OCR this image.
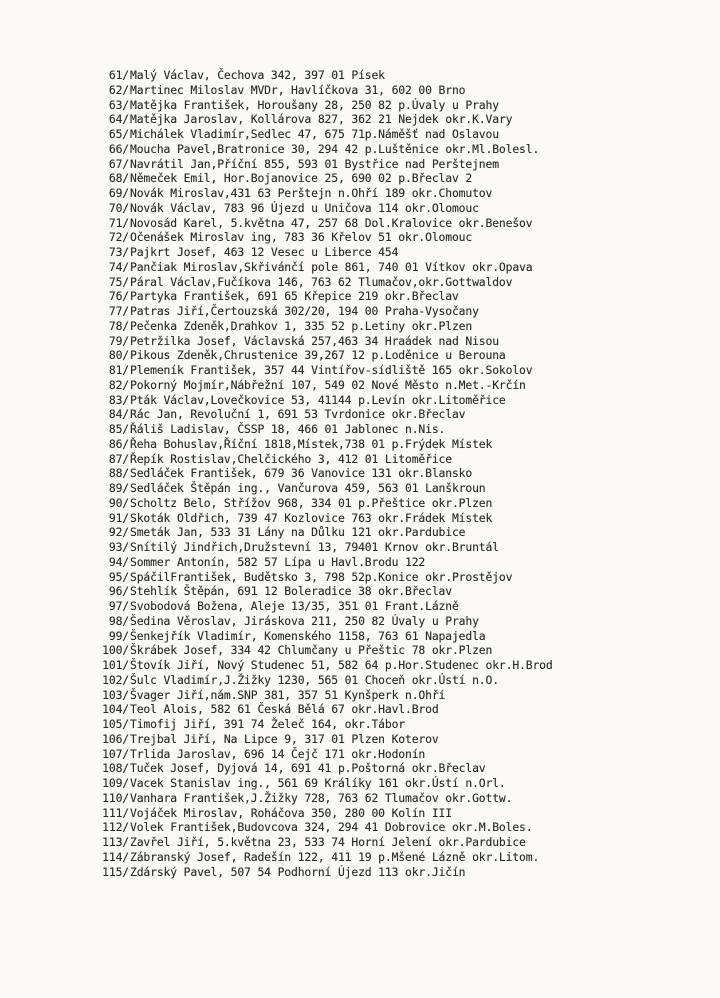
61/ Malý Václav, Čechova 342, 397 01 Písek
62/ Martinec Miloslav MVDr, Havlíčkova 31, 602 00 Brno
63/ Matějka František, Horoušany 28, 250 82 p.Úvaly u Prahy
64/ Matějka Jaroslav, Kollárova 827, 362 21 Nejdek okr.K.Vary
65/ Michálek Vladimír,Sedlec 47, 675 71p.Náměšť nad Oslavou
66/ Moucha Pavel,Bratronice 30, 294 42 p.Luštěnice okr.Ml.Bolesl.
67/ Navrátil Jan,Příční 855, 593 01 Bystřice nad Perštejnem
68/ Němeček Emil, Hor.Bojanovice 25, 690 02 p.Břeclav 2
69/ Novák Miroslav,431 63 Perštejn n.Ohří 189 okr.Chomutov
70/ Novák Václav, 783 96 Újezd u Uničova 114 okr.Olomouc
71/ Novosád Karel, 5.května 47, 257 68 Dol.Kralovice okr.Benešov
72/ Očenášek Miroslav ing, 783 36 Křelov 51 okr.Olomouc
73/ Pajkrt Josef, 463 12 Vesec u Liberce 454
74/ Pančiak Miroslav,Skřivánčí pole 861, 740 01 Vítkov okr.Opava
75/ Páral Václav,Fučíkova 146, 763 62 Tlumačov,okr.Gottwaldov
76/ Partyka František, 691 65 Křepice 219 okr.Břeclav
77/ Patras Jiří,Čertouzská 302/20, 194 00 Praha-Vysočany
78/ Pečenka Zdeněk,Drahkov 1, 335 52 p.Letiny okr.Plzen
79/ Petržilka Josef, Václavská 257,463 34 Hraádek nad Nisou
80/ Pikous Zdeněk,Chrustenice 39,267 12 p.Loděnice u Berouna
81/ Plemeník František, 357 44 Vintířov-sídliště 165 okr.Sokolov
82/ Pokorný Mojmír,Nábřežní 107, 549 02 Nové Město n.Met.-Krčín
83/ Pták Václav,Lovečkovice 53, 41144 p.Levín okr.Litoměřice
84/ Rác Jan, Revoluční 1, 691 53 Tvrdonice okr.Břeclav
85/ Řáliš Ladislav, ČSSP 18, 466 01 Jablonec n.Nis.
86/ Řeha Bohuslav,Říční 1818,Místek,738 01 p.Frýdek Místek
87/ Řepík Rostislav,Chelčického 3, 412 01 Litoměřice
88/ Sedláček František, 679 36 Vanovice 131 okr.Blansko
89/ Sedláček Štěpán ing., Vančurova 459, 563 01 Lanškroun
90/ Scholtz Belo, Střížov 968, 334 01 p.Přeštice okr.Plzen
91/ Skoták Oldřich, 739 47 Kozlovice 763 okr.Frádek Místek
92/ Smeták Jan, 533 31 Lány na Důlku 121 okr.Pardubice
93/ Snítilý Jindřich,Družstevní 13, 79401 Krnov okr.Bruntál
94/ Sommer Antonín, 582 57 Lípa u Havl.Brodu 122
95/ SpáčilFrantišek, Budětsko 3, 798 52p.Konice okr.Prostějov
96/ Stehlík Štěpán, 691 12 Boleradice 38 okr.Břeclav
97/ Svobodová Božena, Aleje 13/35, 351 01 Frant.Lázně
98/ Šedina Věroslav, Jiráskova 211, 250 82 Úvaly u Prahy
99/ Šenkejřík Vladimír, Komenského 1158, 763 61 Napajedla
100/ Škrábek Josef, 334 42 Chlumčany u Přeštic 78 okr.Plzen
101/ Štovík Jiří, Nový Studenec 51, 582 64 p.Hor.Studenec okr.H.Brod
102/ Šulc Vladimír,J.Žižky 1230, 565 01 Choceň okr.Ústí n.O.
103/ Švager Jiří,nám.SNP 381, 357 51 Kynšperk n.Ohří
104/ Teol Alois, 582 61 Česká Bělá 67 okr.Havl.Brod
105/ Timofij Jiří, 391 74 Želeč 164, okr.Tábor
106/ Trejbal Jiří, Na Lipce 9, 317 01 Plzen Koterov
107/ Trlida Jaroslav, 696 14 Čejč 171 okr.Hodonín
108/ Tuček Josef, Dyjová 14, 691 41 p.Poštorná okr.Břeclav
109/ Vacek Stanislav ing., 561 69 Králíky 161 okr.Ústí n.Orl.
110/ Vanhara František,J.Žižky 728, 763 62 Tlumačov okr.Gottw.
111/ Vojáček Miroslav, Roháčova 350, 280 00 Kolín III
112/ Volek František,Budovcova 324, 294 41 Dobrovice okr.M.Boles.
113/ Zavřel Jiří, 5.května 23, 533 74 Horní Jelení okr.Pardubice
114/ Zábranský Josef, Radešín 122, 411 19 p.Mšené Lázně okr.Litom.
115/ Zdárský Pavel, 507 54 Podhorní Újezd 113 okr.Jičín
